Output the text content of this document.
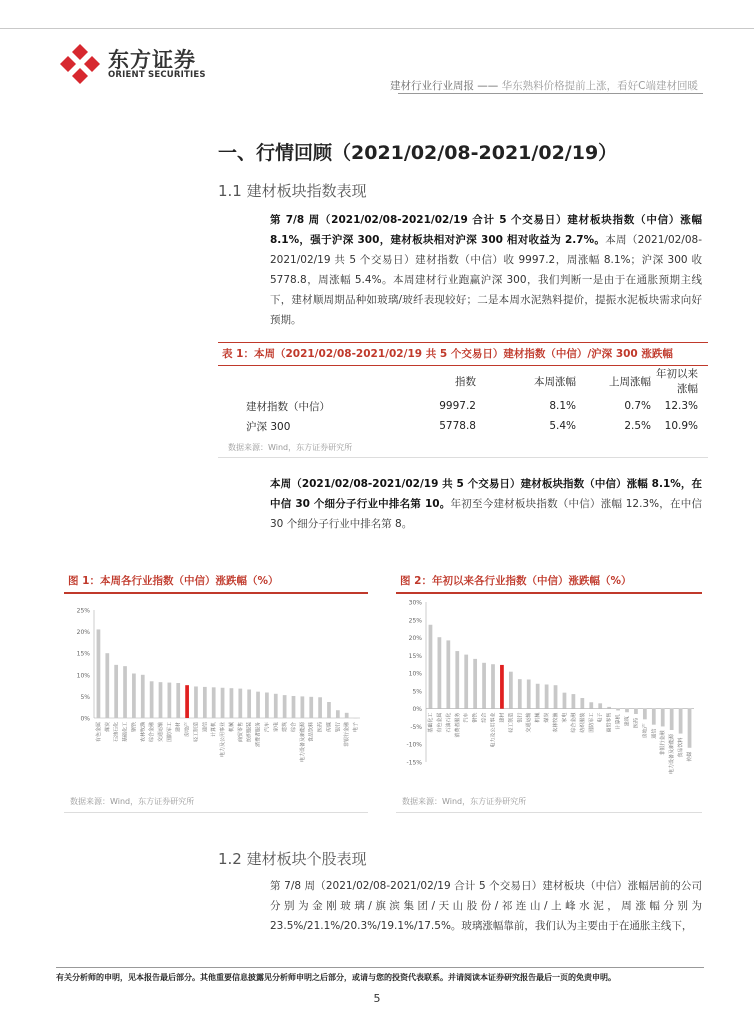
东方证券
ORIENT SECURITIES
建材行业行业周报 —— 华东熟料价格提前上涨，看好C端建材回暖
一、行情回顾（2021/02/08-2021/02/19）
1.1 建材板块指数表现
第 7/8 周（2021/02/08-2021/02/19 合计 5 个交易日）建材板块指数（中信）涨幅 8.1%，强于沪深 300，建材板块相对沪深 300 相对收益为 2.7%。本周（2021/02/08-2021/02/19 共 5 个交易日）建材指数（中信）收 9997.2，周涨幅 8.1%；沪深 300 收 5778.8，周涨幅 5.4%。本周建材行业跑赢沪深 300，我们判断一是由于在通胀预期主线下，建材顺周期品种如玻璃/玻纤表现较好；二是本周水泥熟料提价，提振水泥板块需求向好预期。
表 1：本周（2021/02/08-2021/02/19 共 5 个交易日）建材指数（中信）/沪深 300 涨跌幅
	指数	本周涨幅	上周涨幅	年初以来涨幅
建材指数（中信）	9997.2	8.1%	0.7%	12.3%
沪深 300	5778.8	5.4%	2.5%	10.9%
数据来源：Wind，东方证券研究所
本周（2021/02/08-2021/02/19 共 5 个交易日）建材板块指数（中信）涨幅 8.1%，在中信 30 个细分子行业中排名第 10。年初至今建材板块指数（中信）涨幅 12.3%，在中信 30 个细分子行业中排名第 8。
图 1：本周各行业指数（中信）涨跌幅（%）
25%
20%
15%
10%
5%
0%
有色金属 煤炭 石油石化 基础化工 钢铁 农林牧渔 综合金融 交通运输 国防军工 建材 房地产 轻工制造 通信 计算机 电力及公用事业 机械 商贸零售 纺织服装 消费者服务 汽车 家电 建筑 综合 电力设备及新能源 食品饮料 医药 传媒 银行 非银行金融 电子
数据来源：Wind，东方证券研究所
图 2：年初以来各行业指数（中信）涨跌幅（%）
30%
25%
20%
15%
10%
5%
0%
-5%
-10%
-15%
基础化工 有色金属 石油石化 消费者服务 汽车 钢铁 综合 电力及公用事业 建材 轻工制造 银行 交通运输 机械 煤炭 农林牧渔 家电 综合金融 纺织服装 国防军工 电子 商贸零售 计算机 建筑 医药
房地产 通信 非银行金融 电力设备及新能源 食品饮料 传媒
数据来源：Wind，东方证券研究所
1.2 建材板块个股表现
第 7/8 周（2021/02/08-2021/02/19 合计 5 个交易日）建材板块（中信）涨幅居前的公司分别为金刚玻璃/旗滨集团/天山股份/祁连山/上峰水泥，周涨幅分别为 23.5%/21.1%/20.3%/19.1%/17.5%。玻璃涨幅靠前，我们认为主要由于在通胀主线下，
有关分析师的申明，见本报告最后部分。其他重要信息披露见分析师申明之后部分，或请与您的投资代表联系。并请阅读本证券研究报告最后一页的免责申明。
5
